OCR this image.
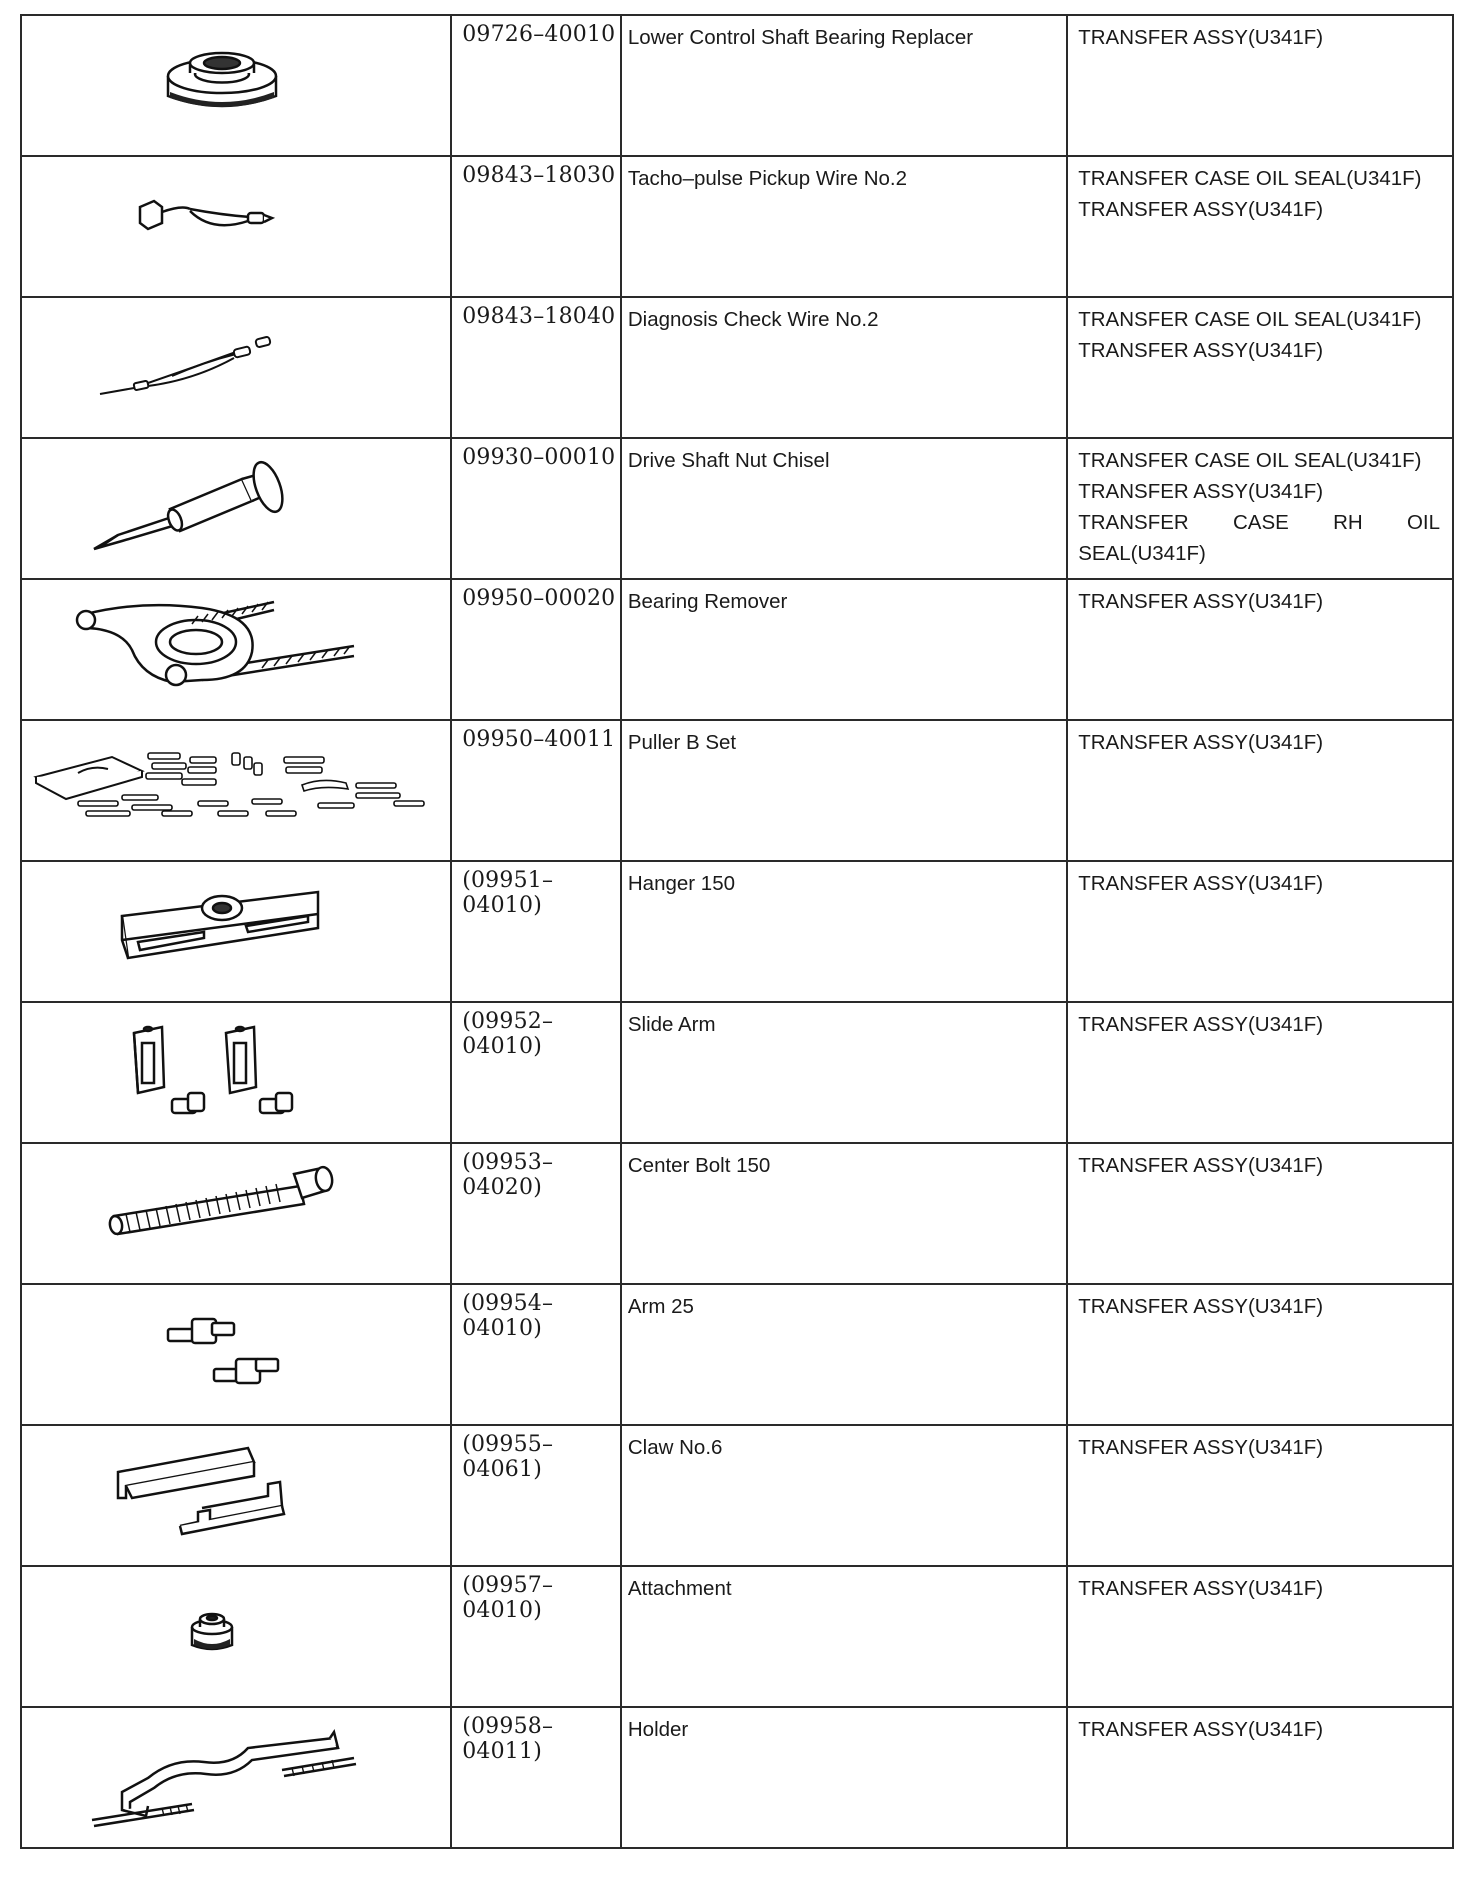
09726–40010	Lower Control Shaft Bearing Replacer	TRANSFER ASSY(U341F)

09843–18030	Tacho–pulse Pickup Wire No.2	TRANSFER CASE OIL SEAL(U341F)
TRANSFER ASSY(U341F)

09843–18040	Diagnosis Check Wire No.2	TRANSFER CASE OIL SEAL(U341F)
TRANSFER ASSY(U341F)

09930–00010	Drive Shaft Nut Chisel	TRANSFER CASE OIL SEAL(U341F)
TRANSFER ASSY(U341F)
TRANSFER CASE RH OIL SEAL(U341F)

09950–00020	Bearing Remover	TRANSFER ASSY(U341F)

09950–40011	Puller B Set	TRANSFER ASSY(U341F)

(09951–04010)	Hanger 150	TRANSFER ASSY(U341F)

(09952–04010)	Slide Arm	TRANSFER ASSY(U341F)

(09953–04020)	Center Bolt 150	TRANSFER ASSY(U341F)

(09954–04010)	Arm 25	TRANSFER ASSY(U341F)

(09955–04061)	Claw No.6	TRANSFER ASSY(U341F)

(09957–04010)	Attachment	TRANSFER ASSY(U341F)

(09958–04011)	Holder	TRANSFER ASSY(U341F)
